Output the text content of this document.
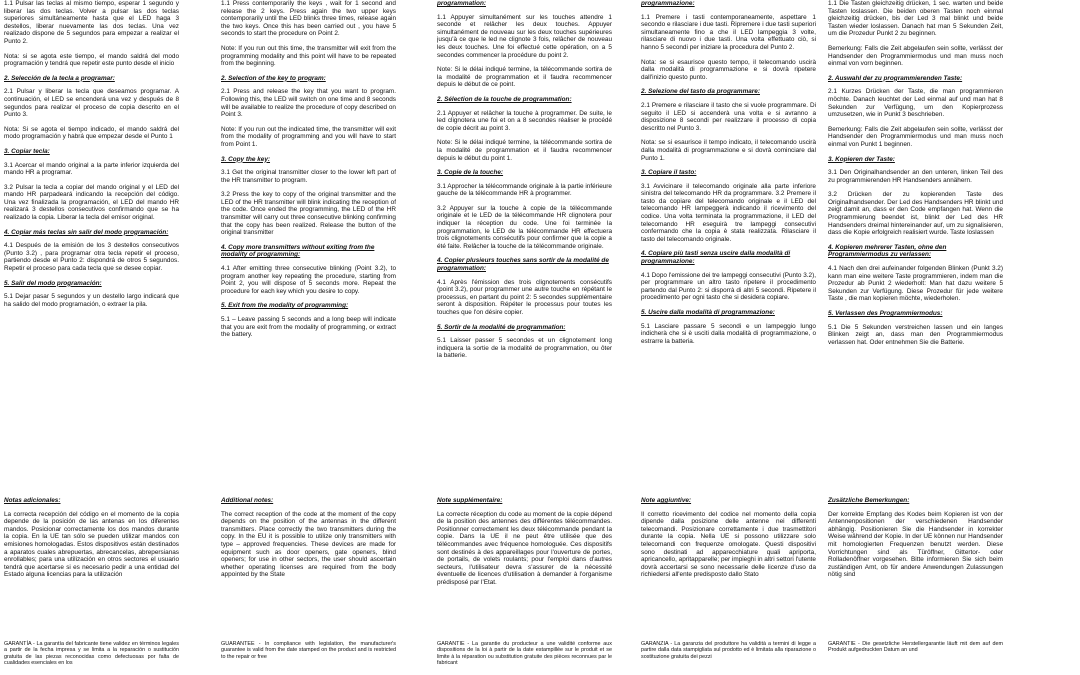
1.1 Pulsar las teclas al mismo tiempo, esperar 1 segundo y liberar las dos teclas. Volver a pulsar las dos teclas superiores simultáneamente hasta que el LED haga 3 destellos, liberar nuevamente las dos teclas. Una vez realizado dispone de 5 segundos para empezar a realizar el Punto 2.

Nota: si se agota este tiempo, el mando saldrá del modo programación y tendrá que repetir este punto desde el inicio

2. Selección de la tecla a programar:

2.1 Pulsar y liberar la tecla que deseamos programar. A continuación, el LED se encenderá una vez y después de 8 segundos para realizar el proceso de copia descrito en el Punto 3.

Nota: Si se agota el tiempo indicado, el mando saldrá del modo programación y habrá que empezar desde el Punto 1

3. Copiar tecla:

3.1 Acercar el mando original a la parte inferior izquierda del mando HR a programar.

3.2 Pulsar la tecla a copiar del mando original y el LED del mando HR parpadeará indicando la recepción del código. Una vez finalizada la programación, el LED del mando HR realizará 3 destellos consecutivos confirmando que se ha realizado la copia. Liberar la tecla del emisor original.

4. Copiar más teclas sin salir del modo programación:

4.1 Después de la emisión de los 3 destellos consecutivos (Punto 3.2) , para programar otra tecla repetir el proceso, partiendo desde el Punto 2: dispondrá de otros 5 segundos. Repetir el proceso para cada tecla que se desee copiar.

5. Salir del modo programación:

5.1 Dejar pasar 5 segundos y un destello largo indicará que ha salido del modo programación, o extraer la pila.

Notas adicionales:

La correcta recepción del código en el momento de la copia depende de la posición de las antenas en los diferentes mandos. Posicionar correctamente los dos mandos durante la copia. En la UE tan sólo se pueden utilizar mandos con emisiones homologadas. Estos dispositivos están destinados a aparatos cuales abrepuertas, abrecancelas, abrepersianas enrollables; para una utilización en otros sectores el usuario tendrá que acertarse si es necesario pedir a una entidad del Estado alguna licencias para la utilización

GARANTÍA - La garantía del fabricante tiene validez en términos legales a partir de la fecha impresa y se limita a la reparación o sustitución gratuita de las piezas reconocidas como defectuosas por falta de cualidades esenciales en los

1.1 Press contemporarily the keys , wait for 1 second and release the 2 keys. Press again the two upper keys contemporarily until the LED blinks three times, release again the two keys. Once this has been carried out , you have 5 seconds to start the procedure on Point 2.

Note: If you run out this time, the transmitter will exit from the programming modality and this point will have to be repeated from the beginning.

2. Selection of the key to program:

2.1 Press and release the key that you want to program. Following this, the LED will switch on one time and 8 seconds will be available to realize the procedure of copy described on Point 3.

Note: If you run out the indicated time, the transmitter will exit from the modality of programming and you will have to start from Point 1.

3. Copy the key:

3.1 Get the original transmitter closer to the lower left part of the HR transmitter to program.

3.2 Press the key to copy of the original transmitter and the LED of the HR transmitter will blink indicating the reception of the code. Once ended the programming, the LED of the HR transmitter will carry out three consecutive blinking confirming that the copy has been realized. Release the button of the original transmitter

4. Copy more transmitters without exiting from the modality of programming:

4.1 After emitting three consecutive blinking (Point 3.2), to program another key repeating the procedure, starting from Point 2, you will dispose of 5 seconds more. Repeat the procedure for each key which you desire to copy.

5. Exit from the modality of programming:

5.1 – Leave passing 5 seconds and a long beep will indicate that you are exit from the modality of programming, or extract the battery.

Additional notes:

The correct reception of the code at the moment of the copy depends on the position of the antennas in the different transmitters. Place correctly the two transmitters during the copy. In the EU it is possible to utilize only transmitters with type – approved frequencies. These devices are made for equipment such as door openers, gate openers, blind openers; for use in other sectors, the user should ascertain whether operating licenses are required from the body appointed by the State

GUARANTEE - In compliance with legislation, the manufacturer's guarantee is valid from the date stamped on the product and is restricted to the repair or free
programmation:

1.1 Appuyer simultanément sur les touches attendre 1 seconde et relâcher les deux touches. Appuyer simultanément de nouveau sur les deux touches supérieures jusqu'à ce que le led ne clignote 3 fois, relâcher de nouveau les deux touches. Une foi effectué cette opération, on a 5 secondes commencer la procédure du point 2.

Note: Si le délai indiqué termine, la télécommande sortira de la modalité de programmation et il faudra recommencer depuis le début de ce point.

2. Sélection de la touche de programmation:

2.1 Appuyer et relâcher la touche à programmer. De suite, le led clignotera une foi et on a 8 secondes réaliser le procédé de copie décrit au point 3.

Note: Si le délai indiqué termine, la télécommande sortira de la modalité de programmation et il faudra recommencer depuis le début du point 1.

3. Copie de la touche:

3.1 Approcher la télécommande originale à la partie inférieure gauche de la télécommande HR à programmer.

3.2 Appuyer sur la touche à copie de la télécommande originale et le LED de la télécommande HR clignotera pour indiquer la réception du code. Une foi terminée la programmation, le LED de la télécommande HR effectuera trois clignotements consécutifs pour confirmer que la copie a été faite. Relâcher la touche de la télécommande originale.

4. Copier plusieurs touches sans sortir de la modalité de programmation:

4.1 Après l'émission des trois clignotements consécutifs (point 3.2), pour programmer une autre touche en répétant le processus, en partant du point 2: 5 secondes supplémentaire seront à disposition. Répéter le processus pour toutes les touches que l'on désire copier.

5. Sortir de la modalité de programmation:

5.1 Laisser passer 5 secondes et un clignotement long indiquera la sortie de la modalité de programmation, ou ôter la batterie.

Note supplémentaire:

La correcte réception du code au moment de la copie dépend de la position des antennes des différentes télécommandes. Positionner correctement les deux télécommande pendant la copie. Dans la UE il ne peut être utilisée que des télécommandes avec fréquence homologuée. Ces dispositifs sont destinés à des appareillages pour l'ouverture de portes, de portails, de volets roulants; pour l'emploi dans d'autres secteurs, l'utilisateur devra s'assurer de la nécessité éventuelle de licences d'utilisation à demander à l'organisme prédisposé par l'Etat.

GARANTIE - La garantie du producteur a une validité conforme aux dispositions de la loi à partir de la date estampillée sur le produit et se limite à la réparation ou substitution gratuite des pièces reconnues par le fabricant
programmazione:

1.1 Premere i tasti contemporaneamente, aspettare 1 secondo e rilasciare i due tasti. Ripremere i due tasti superiori simultaneamente fino a che il LED lampeggia 3 volte, rilasciare di nuovo i due tasti. Una volta effettuato ciò, si hanno 5 secondi per iniziare la procedura del Punto 2.

Nota: se si esaurisce questo tempo, il telecomando uscirà dalla modalità di programmazione e si dovrà ripetere dall'inizio questo punto.

2. Selezione del tasto da programmare:

2.1 Premere e rilasciare il tasto che si vuole programmare. Di seguito il LED si accenderà una volta e si avranno a disposizione 8 secondi per realizzare il processo di copia descritto nel Punto 3.

Nota: se si esaurisce il tempo indicato, il telecomando uscirà dalla modalità di programmazione e si dovrà cominciare dal Punto 1.

3. Copiare il tasto:

3.1 Avvicinare il telecomando originale alla parte inferiore sinistra del telecomando HR da programmare. 3.2 Premere il tasto da copiare del telecomando originale e il LED del telecomando HR lampeggerà indicando il ricevimento del codice. Una volta terminata la programmazione, il LED del telecomando HR eseguirà tre lampeggi consecutivi confermando che la copia è stata realizzata. Rilasciare il tasto del telecomando originale.

4. Copiare più tasti senza uscire dalla modalità di programmazione:

4.1 Dopo l'emissione dei tre lampeggi consecutivi (Punto 3.2), per programmare un altro tasto ripetere il procedimento partendo dal Punto 2: si disporrà di altri 5 secondi. Ripetere il procedimento per ogni tasto che si desidera copiare.

5. Uscire dalla modalità di programmazione:

5.1 Lasciare passare 5 secondi e un lampeggio lungo indicherà che si è usciti dalla modalità di programmazione, o estrarre la batteria.

Note aggiuntive:

Il corretto ricevimento del codice nel momento della copia dipende dalla posizione delle antenne nei differenti telecomandi. Posizionare correttamente i due trasmettitori durante la copia. Nella UE si possono utilizzare solo telecomandi con frequenze omologate. Questi dispositivi sono destinati ad apparecchiature quali apriporta, apricancello, apritapparelle; per impieghi in altri settori l'utente dovrà accertarsi se sono necessarie delle licenze d'uso da richiedersi all'ente predisposto dallo Stato

GARANZIA - La garanzia del produttore ha validità a termini di legge a partire dalla data stampigliata sul prodotto ed è limitata alla riparazione o sostituzione gratuita dei pezzi

1.1 Die Tasten gleichzeitig drücken, 1 sec. warten und beide Tasten loslassen. Die beiden oberen Tasten noch einmal gleichzeitig drücken, bis der Led 3 mal blinkt und beide Tasten wieder loslassen. Danach hat man 5 Sekunden Zeit, um die Prozedur Punkt 2 zu beginnen.

Bemerkung: Falls die Zeit abgelaufen sein sollte, verlässt der Handsender den Programmiermodus und man muss noch einmal von vorn beginnen.

2. Auswahl der zu programmierenden Taste:

2.1 Kurzes Drücken der Taste, die man programmieren möchte. Danach leuchtet der Led einmal auf und man hat 8 Sekunden zur Verfügung, um den Kopierprozess umzusetzen, wie in Punkt 3 beschrieben.

Bemerkung: Falls die Zeit abgelaufen sein sollte, verlässt der Handsender den Programmiermodus und man muss noch einmal von Punkt 1 beginnen.

3. Kopieren der Taste:

3.1 Den Originalhandsender an den unteren, linken Teil des zu programmierenden HR Handsenders annähern.

3.2 Drücken der zu kopierenden Taste des Originalhandsender. Der Led des Handsenders HR blinkt und zeigt damit an, dass er den Code empfangen hat. Wenn die Programmierung beendet ist, blinkt der Led des HR Handsenders dreimal hintereinander auf, um zu signalisieren, dass die Kopie erfolgreich realisiert wurde. Taste loslassen

4. Kopieren mehrerer Tasten, ohne den Programmiermodus zu verlassen:

4.1 Nach den drei aufeinander folgenden Blinken (Punkt 3.2) kann man eine weitere Taste programmieren, indem man die Prozedur ab Punkt 2 wiederholt: Man hat dazu weitere 5 Sekunden zur Verfügung. Diese Prozedur für jede weitere Taste , die man kopieren möchte, wiederholen.

5. Verlassen des Programmiermodus:

5.1 Die 5 Sekunden verstreichen lassen und ein langes Blinken zeigt an, dass man den Programmiermodus verlassen hat. Oder entnehmen Sie die Batterie.

Zusätzliche Bemerkungen:

Der korrekte Empfang des Kodes beim Kopieren ist von der Antennenpositionen der verschiedenen Handsender abhängig. Positionieren Sie die Handsender in korrekter Weise während der Kopie. In der UE können nur Handsender mit homologierten Frequenzen benutzt werden. Diese Vorrichtungen sind als Türöffner, Gittertor- oder Rolladenöffner vorgesehen. Bitte informieren Sie sich beim zuständigen Amt, ob für andere Anwendungen Zulassungen nötig sind

GARANTIE - Die gesetzliche Herstellergarantie läuft mit dem auf dem Produkt aufgedruckten Datum an und
